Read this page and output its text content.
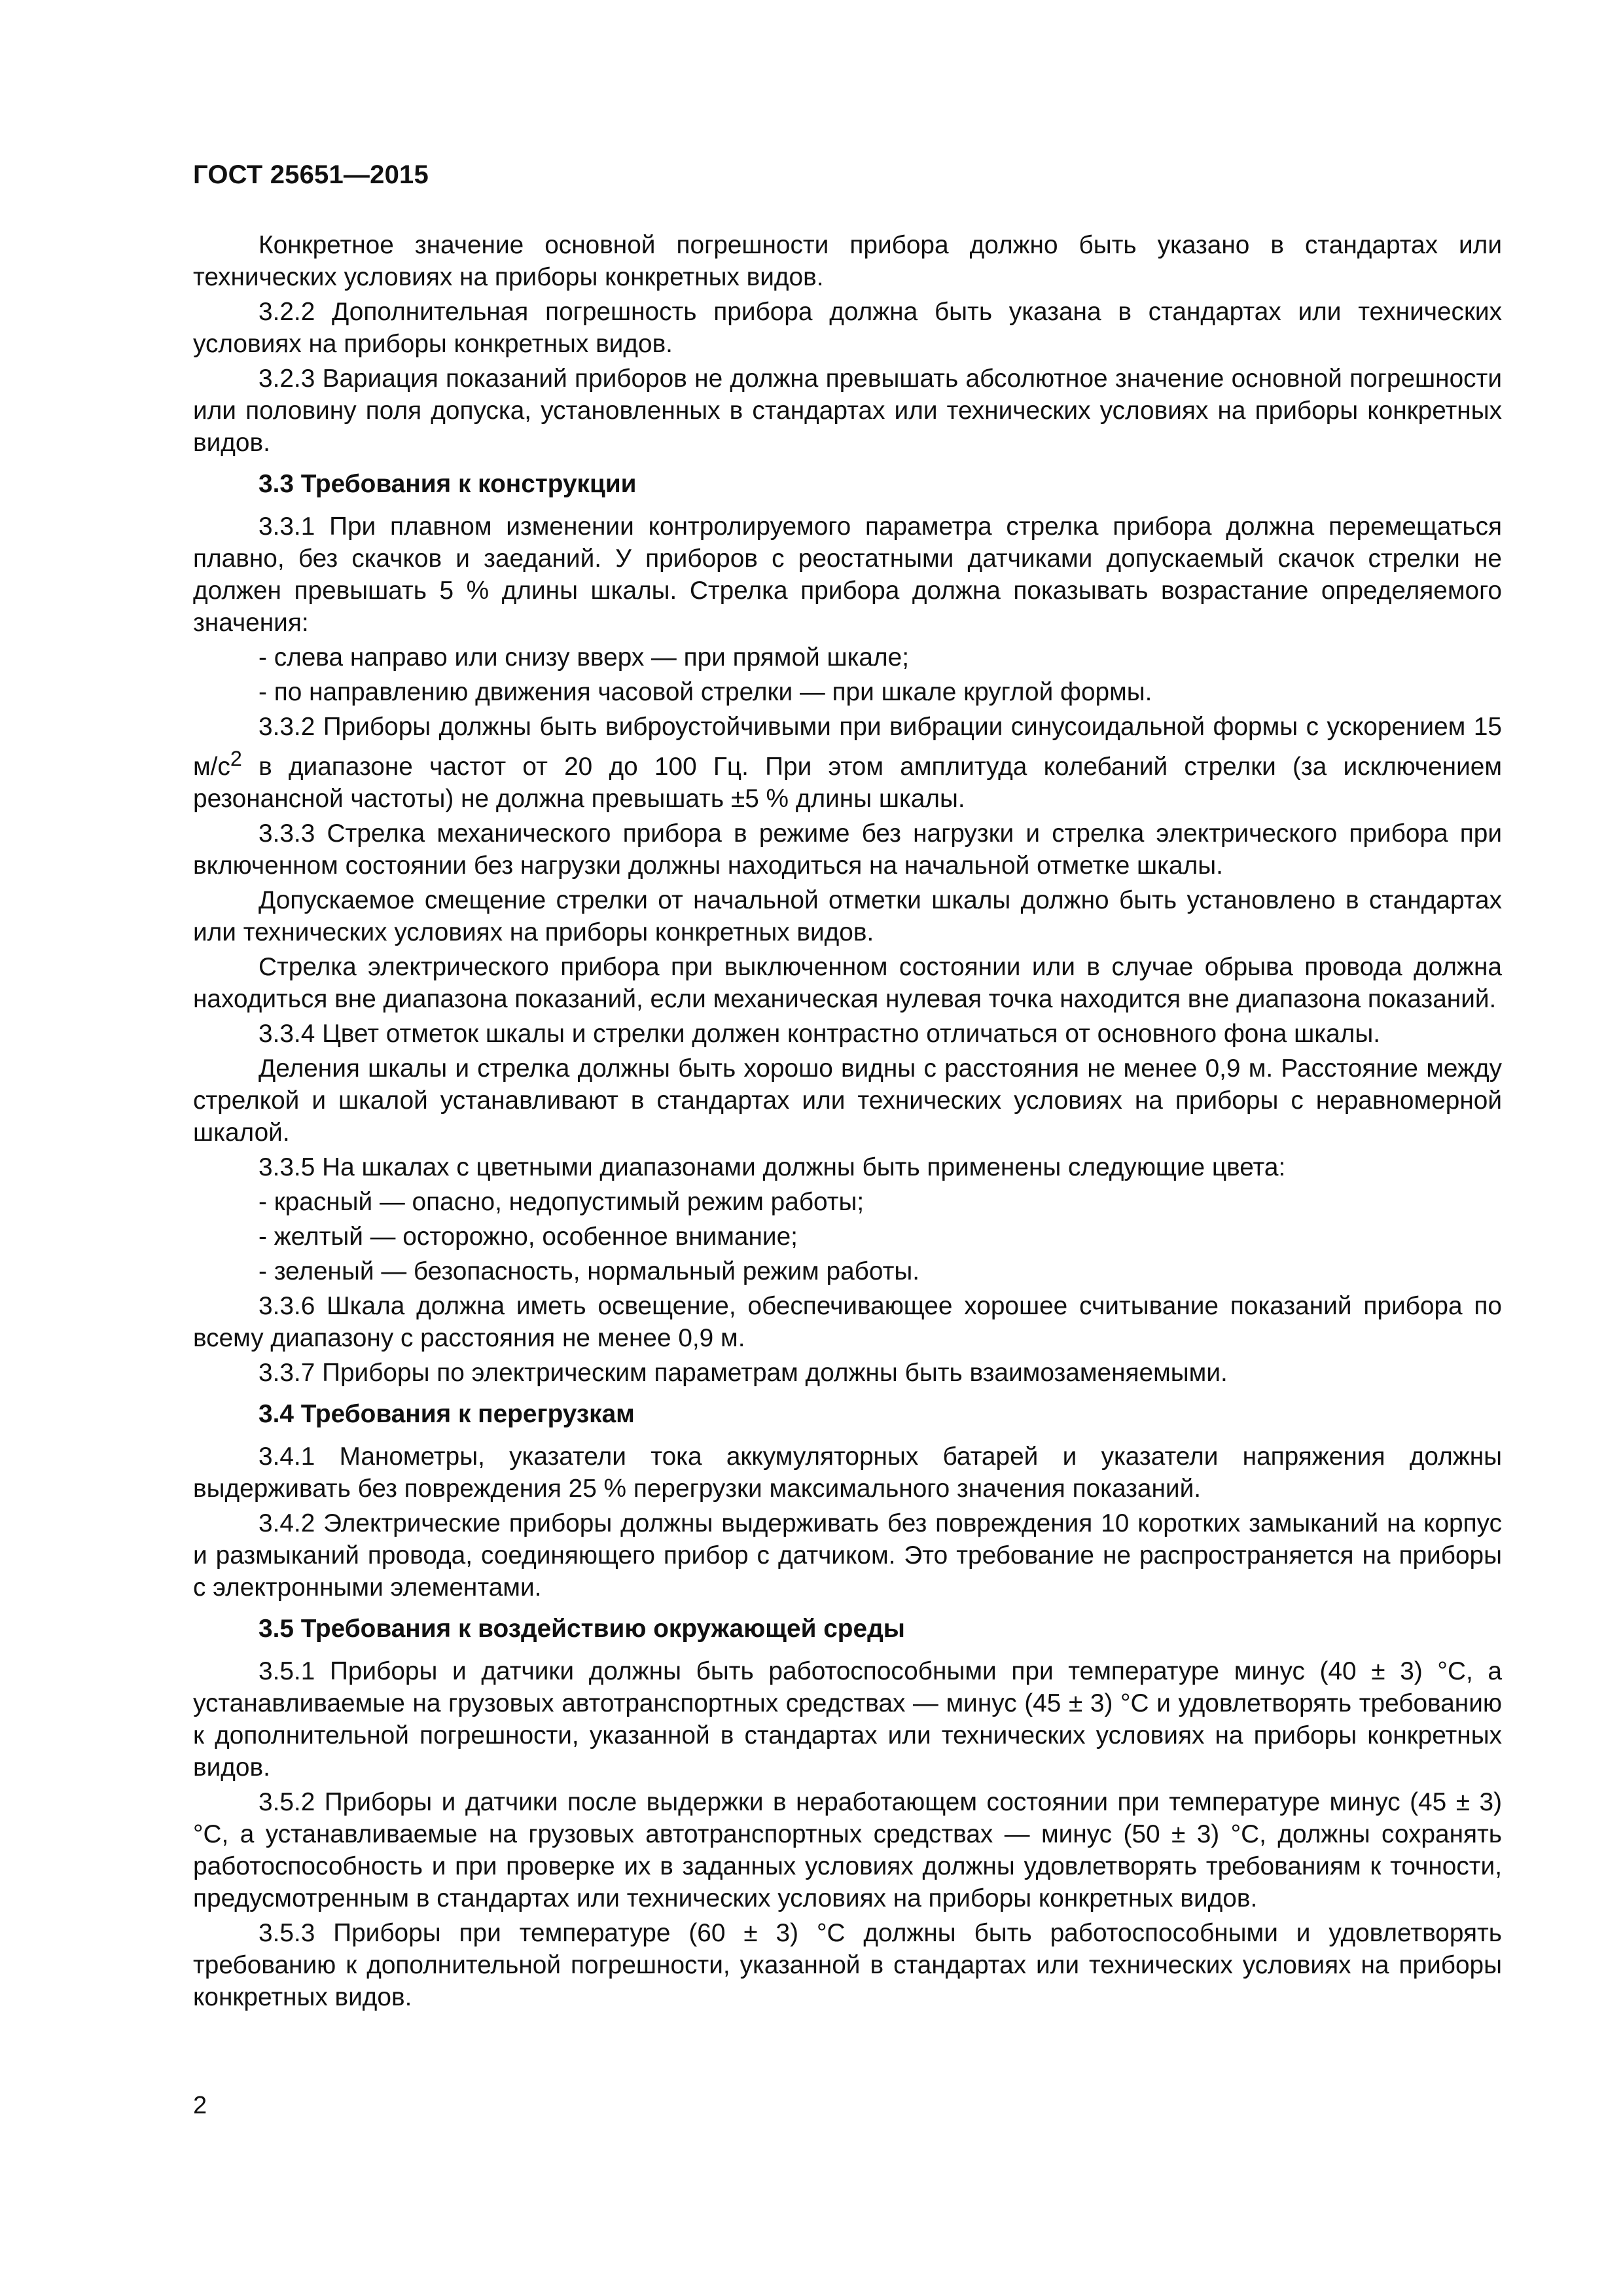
ГОСТ 25651—2015

Конкретное значение основной погрешности прибора должно быть указано в стандартах или технических условиях на приборы конкретных видов.

3.2.2 Дополнительная погрешность прибора должна быть указана в стандартах или технических условиях на приборы конкретных видов.

3.2.3 Вариация показаний приборов не должна превышать абсолютное значение основной погрешности или половину поля допуска, установленных в стандартах или технических условиях на приборы конкретных видов.

3.3 Требования к конструкции

3.3.1 При плавном изменении контролируемого параметра стрелка прибора должна перемещаться плавно, без скачков и заеданий. У приборов с реостатными датчиками допускаемый скачок стрелки не должен превышать 5 % длины шкалы. Стрелка прибора должна показывать возрастание определяемого значения:

- слева направо или снизу вверх — при прямой шкале;

- по направлению движения часовой стрелки — при шкале круглой формы.

3.3.2 Приборы должны быть виброустойчивыми при вибрации синусоидальной формы с ускорением 15 $м/с^2$ в диапазоне частот от 20 до 100 Гц. При этом амплитуда колебаний стрелки (за исключением резонансной частоты) не должна превышать ±5 % длины шкалы.

3.3.3 Стрелка механического прибора в режиме без нагрузки и стрелка электрического прибора при включенном состоянии без нагрузки должны находиться на начальной отметке шкалы.

Допускаемое смещение стрелки от начальной отметки шкалы должно быть установлено в стандартах или технических условиях на приборы конкретных видов.

Стрелка электрического прибора при выключенном состоянии или в случае обрыва провода должна находиться вне диапазона показаний, если механическая нулевая точка находится вне диапазона показаний.

3.3.4 Цвет отметок шкалы и стрелки должен контрастно отличаться от основного фона шкалы.

Деления шкалы и стрелка должны быть хорошо видны с расстояния не менее 0,9 м. Расстояние между стрелкой и шкалой устанавливают в стандартах или технических условиях на приборы с неравномерной шкалой.

3.3.5 На шкалах с цветными диапазонами должны быть применены следующие цвета:

- красный — опасно, недопустимый режим работы;

- желтый — осторожно, особенное внимание;

- зеленый — безопасность, нормальный режим работы.

3.3.6 Шкала должна иметь освещение, обеспечивающее хорошее считывание показаний прибора по всему диапазону с расстояния не менее 0,9 м.

3.3.7 Приборы по электрическим параметрам должны быть взаимозаменяемыми.

3.4 Требования к перегрузкам

3.4.1 Манометры, указатели тока аккумуляторных батарей и указатели напряжения должны выдерживать без повреждения 25 % перегрузки максимального значения показаний.

3.4.2 Электрические приборы должны выдерживать без повреждения 10 коротких замыканий на корпус и размыканий провода, соединяющего прибор с датчиком. Это требование не распространяется на приборы с электронными элементами.

3.5 Требования к воздействию окружающей среды

3.5.1 Приборы и датчики должны быть работоспособными при температуре минус (40 ± 3) °С, а устанавливаемые на грузовых автотранспортных средствах — минус (45 ± 3) °С и удовлетворять требованию к дополнительной погрешности, указанной в стандартах или технических условиях на приборы конкретных видов.

3.5.2 Приборы и датчики после выдержки в неработающем состоянии при температуре минус (45 ± 3) °С, а устанавливаемые на грузовых автотранспортных средствах — минус (50 ± 3) °С, должны сохранять работоспособность и при проверке их в заданных условиях должны удовлетворять требованиям к точности, предусмотренным в стандартах или технических условиях на приборы конкретных видов.

3.5.3 Приборы при температуре (60 ± 3) °С должны быть работоспособными и удовлетворять требованию к дополнительной погрешности, указанной в стандартах или технических условиях на приборы конкретных видов.

2
